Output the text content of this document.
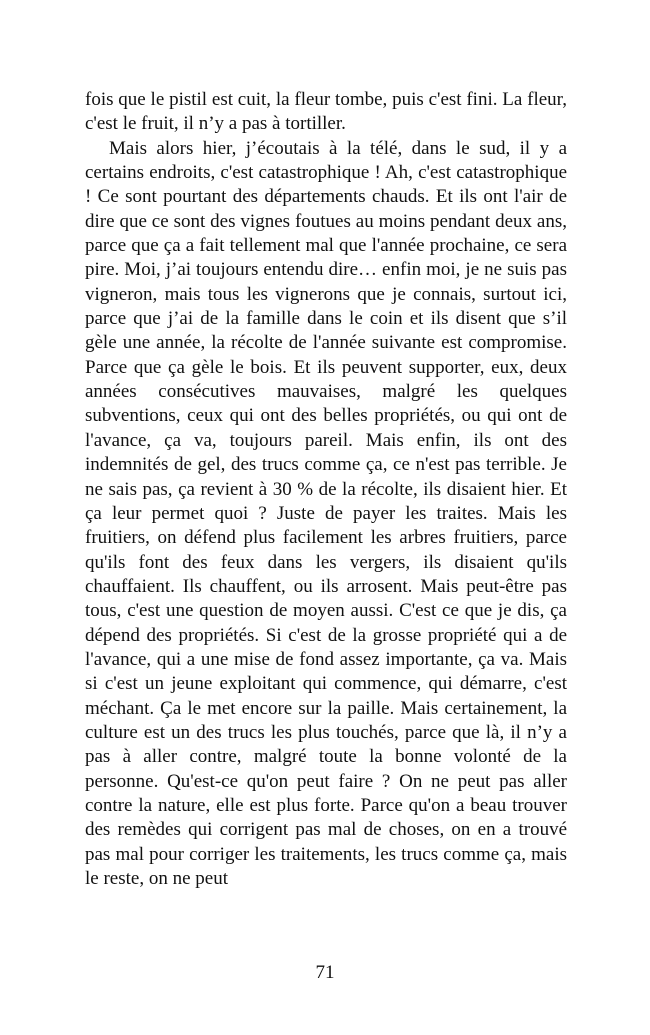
fois que le pistil est cuit, la fleur tombe, puis c'est fini. La fleur, c'est le fruit, il n’y a pas à tortiller.

Mais alors hier, j’écoutais à la télé, dans le sud, il y a certains endroits, c'est catastrophique ! Ah, c'est catastrophique ! Ce sont pourtant des départements chauds. Et ils ont l'air de dire que ce sont des vignes foutues au moins pendant deux ans, parce que ça a fait tellement mal que l'année prochaine, ce sera pire. Moi, j’ai toujours entendu dire… enfin moi, je ne suis pas vigneron, mais tous les vignerons que je connais, surtout ici, parce que j’ai de la famille dans le coin et ils disent que s’il gèle une année, la récolte de l'année suivante est compromise. Parce que ça gèle le bois. Et ils peuvent supporter, eux, deux années consécutives mauvaises, malgré les quelques subventions, ceux qui ont des belles propriétés, ou qui ont de l'avance, ça va, toujours pareil. Mais enfin, ils ont des indemnités de gel, des trucs comme ça, ce n'est pas terrible. Je ne sais pas, ça revient à 30 % de la récolte, ils disaient hier. Et ça leur permet quoi ? Juste de payer les traites. Mais les fruitiers, on défend plus facilement les arbres fruitiers, parce qu'ils font des feux dans les vergers, ils disaient qu'ils chauffaient. Ils chauffent, ou ils arrosent. Mais peut-être pas tous, c'est une question de moyen aussi. C'est ce que je dis, ça dépend des propriétés. Si c'est de la grosse propriété qui a de l'avance, qui a une mise de fond assez importante, ça va. Mais si c'est un jeune exploitant qui commence, qui démarre, c'est méchant. Ça le met encore sur la paille. Mais certainement, la culture est un des trucs les plus touchés, parce que là, il n’y a pas à aller contre, malgré toute la bonne volonté de la personne. Qu'est-ce qu'on peut faire ? On ne peut pas aller contre la nature, elle est plus forte. Parce qu'on a beau trouver des remèdes qui corrigent pas mal de choses, on en a trouvé pas mal pour corriger les traitements, les trucs comme ça, mais le reste, on ne peut

71
